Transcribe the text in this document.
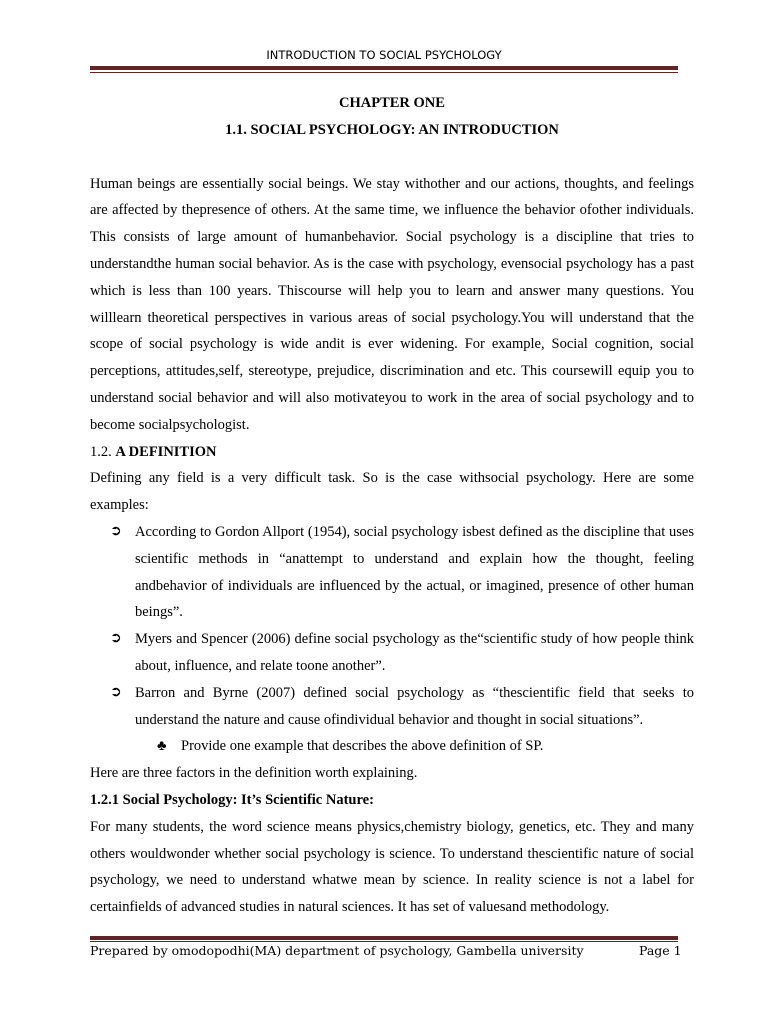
INTRODUCTION TO SOCIAL PSYCHOLOGY

CHAPTER ONE

1.1. SOCIAL PSYCHOLOGY: AN INTRODUCTION

Human beings are essentially social beings. We stay withother and our actions, thoughts, and feelings are affected by thepresence of others. At the same time, we influence the behavior ofother individuals. This consists of large amount of humanbehavior. Social psychology is a discipline that tries to understandthe human social behavior. As is the case with psychology, evensocial psychology has a past which is less than 100 years. Thiscourse will help you to learn and answer many questions. You willlearn theoretical perspectives in various areas of social psychology.You will understand that the scope of social psychology is wide andit is ever widening. For example, Social cognition, social perceptions, attitudes,self, stereotype, prejudice, discrimination and etc. This coursewill equip you to understand social behavior and will also motivateyou to work in the area of social psychology and to become socialpsychologist.

1.2. A DEFINITION

Defining any field is a very difficult task. So is the case withsocial psychology. Here are some examples:

➲ According to Gordon Allport (1954), social psychology isbest defined as the discipline that uses scientific methods in “anattempt to understand and explain how the thought, feeling andbehavior of individuals are influenced by the actual, or imagined, presence of other human beings”.
➲ Myers and Spencer (2006) define social psychology as the“scientific study of how people think about, influence, and relate toone another”.
➲ Barron and Byrne (2007) defined social psychology as “thescientific field that seeks to understand the nature and cause ofindividual behavior and thought in social situations”.
♣ Provide one example that describes the above definition of SP.

Here are three factors in the definition worth explaining.

1.2.1 Social Psychology: It’s Scientific Nature:

For many students, the word science means physics,chemistry biology, genetics, etc. They and many others wouldwonder whether social psychology is science. To understand thescientific nature of social psychology, we need to understand whatwe mean by science. In reality science is not a label for certainfields of advanced studies in natural sciences. It has set of valuesand methodology.

Prepared by omodopodhi(MA) department of psychology, Gambella university	Page 1
